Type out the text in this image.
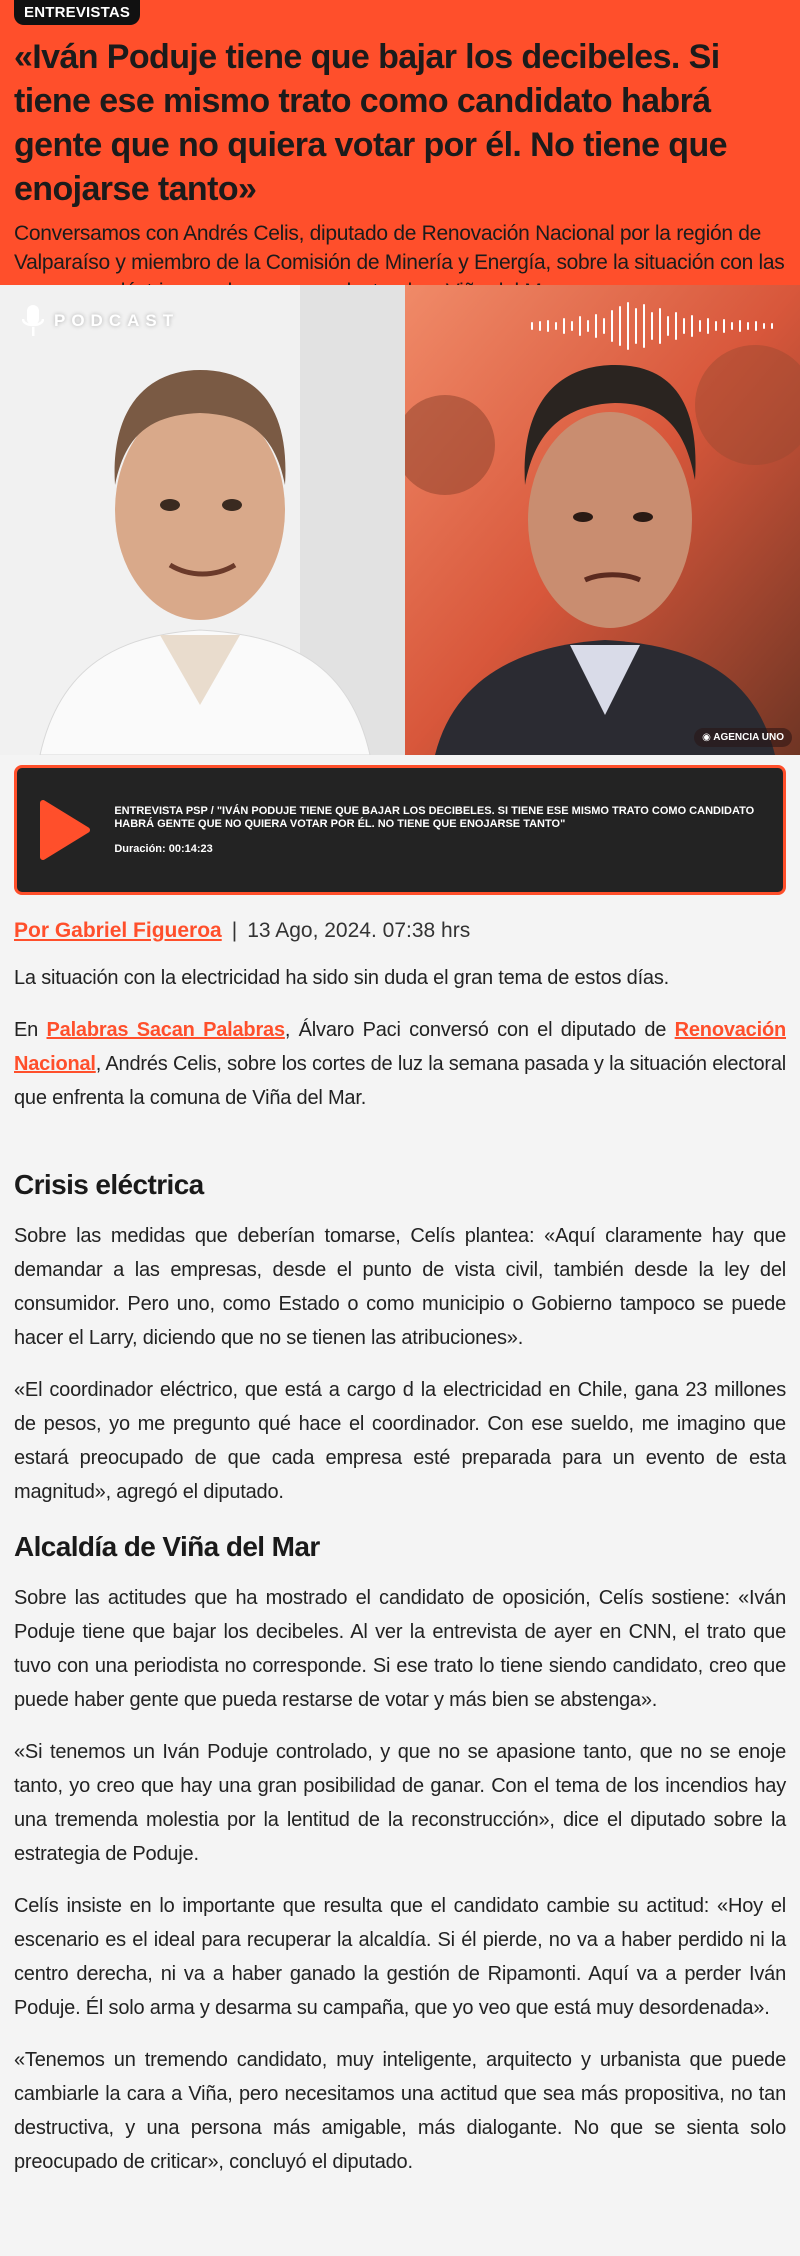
ENTREVISTAS
«Iván Poduje tiene que bajar los decibeles. Si tiene ese mismo trato como candidato habrá gente que no quiera votar por él. No tiene que enojarse tanto»
Conversamos con Andrés Celis, diputado de Renovación Nacional por la región de Valparaíso y miembro de la Comisión de Minería y Energía, sobre la situación con las
PODCAST
◉ AGENCIA UNO
ENTREVISTA PSP / "IVÁN PODUJE TIENE QUE BAJAR LOS DECIBELES. SI TIENE ESE MISMO TRATO COMO CANDIDATO HABRÁ GENTE QUE NO QUIERA VOTAR POR ÉL. NO TIENE QUE ENOJARSE TANTO"
Duración: 00:14:23
Por Gabriel Figueroa | 13 Ago, 2024. 07:38 hrs

La situación con la electricidad ha sido sin duda el gran tema de estos días.

En Palabras Sacan Palabras, Álvaro Paci conversó con el diputado de Renovación Nacional, Andrés Celis, sobre los cortes de luz la semana pasada y la situación electoral que enfrenta la comuna de Viña del Mar.

Crisis eléctrica

Sobre las medidas que deberían tomarse, Celís plantea: «Aquí claramente hay que demandar a las empresas, desde el punto de vista civil, también desde la ley del consumidor. Pero uno, como Estado o como municipio o Gobierno tampoco se puede hacer el Larry, diciendo que no se tienen las atribuciones».

«El coordinador eléctrico, que está a cargo d la electricidad en Chile, gana 23 millones de pesos, yo me pregunto qué hace el coordinador. Con ese sueldo, me imagino que estará preocupado de que cada empresa esté preparada para un evento de esta magnitud», agregó el diputado.

Alcaldía de Viña del Mar

Sobre las actitudes que ha mostrado el candidato de oposición, Celís sostiene: «Iván Poduje tiene que bajar los decibeles. Al ver la entrevista de ayer en CNN, el trato que tuvo con una periodista no corresponde. Si ese trato lo tiene siendo candidato, creo que puede haber gente que pueda restarse de votar y más bien se abstenga».

«Si tenemos un Iván Poduje controlado, y que no se apasione tanto, que no se enoje tanto, yo creo que hay una gran posibilidad de ganar. Con el tema de los incendios hay una tremenda molestia por la lentitud de la reconstrucción», dice el diputado sobre la estrategia de Poduje.

Celís insiste en lo importante que resulta que el candidato cambie su actitud: «Hoy el escenario es el ideal para recuperar la alcaldía. Si él pierde, no va a haber perdido ni la centro derecha, ni va a haber ganado la gestión de Ripamonti. Aquí va a perder Iván Poduje. Él solo arma y desarma su campaña, que yo veo que está muy desordenada».

«Tenemos un tremendo candidato, muy inteligente, arquitecto y urbanista que puede cambiarle la cara a Viña, pero necesitamos una actitud que sea más propositiva, no tan destructiva, y una persona más amigable, más dialogante. No que se sienta solo preocupado de criticar», concluyó el diputado.
